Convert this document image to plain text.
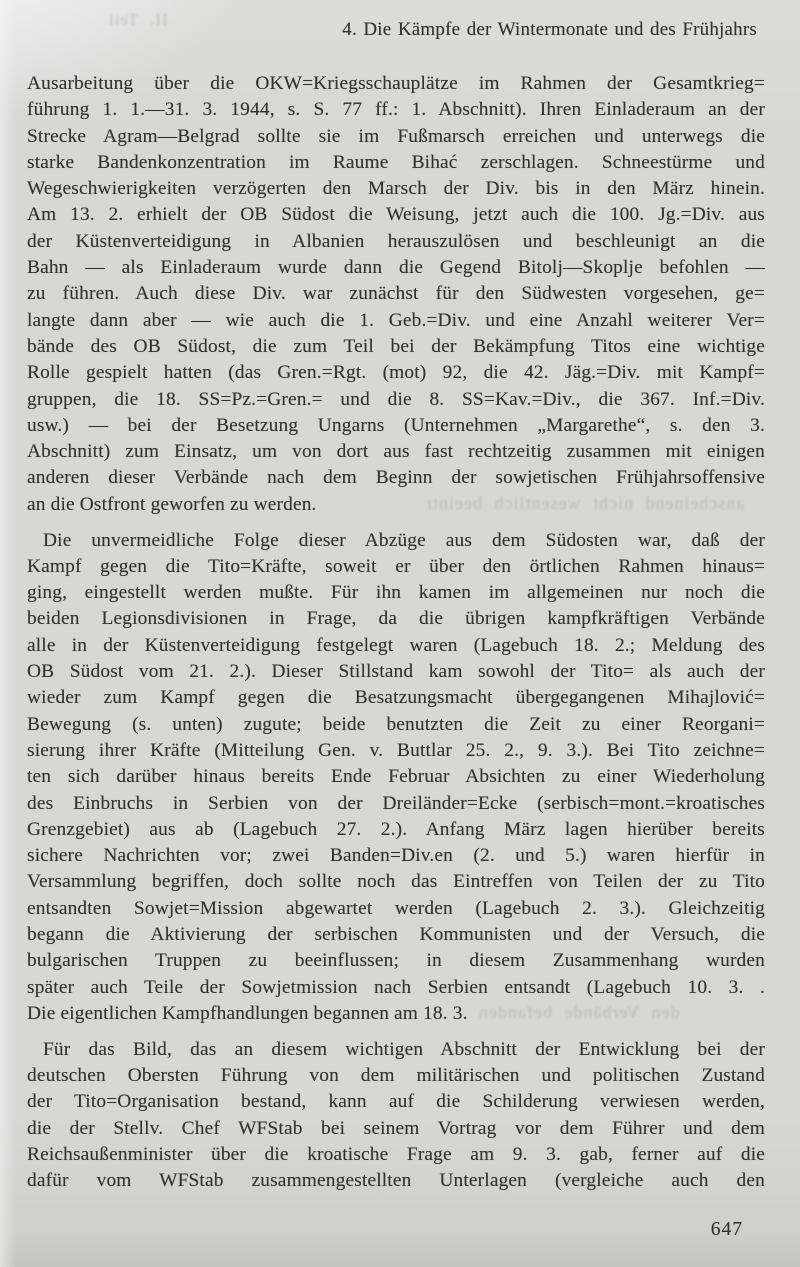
II. Teil
anscheinend nicht wesentlich beeintr
den Verbände befanden
4. Die Kämpfe der Wintermonate und des Frühjahrs
Ausarbeitung über die OKW=Kriegsschauplätze im Rahmen der Gesamtkrieg=
führung 1. 1.—31. 3. 1944, s. S. 77 ff.: 1. Abschnitt). Ihren Einladeraum an der
Strecke Agram—Belgrad sollte sie im Fußmarsch erreichen und unterwegs die
starke Bandenkonzentration im Raume Bihać zerschlagen. Schneestürme und
Wegeschwierigkeiten verzögerten den Marsch der Div. bis in den März hinein.
Am 13. 2. erhielt der OB Südost die Weisung, jetzt auch die 100. Jg.=Div. aus
der Küstenverteidigung in Albanien herauszulösen und beschleunigt an die
Bahn — als Einladeraum wurde dann die Gegend Bitolj—Skoplje befohlen —
zu führen. Auch diese Div. war zunächst für den Südwesten vorgesehen, ge=
langte dann aber — wie auch die 1. Geb.=Div. und eine Anzahl weiterer Ver=
bände des OB Südost, die zum Teil bei der Bekämpfung Titos eine wichtige
Rolle gespielt hatten (das Gren.=Rgt. (mot) 92, die 42. Jäg.=Div. mit Kampf=
gruppen, die 18. SS=Pz.=Gren.= und die 8. SS=Kav.=Div., die 367. Inf.=Div.
usw.) — bei der Besetzung Ungarns (Unternehmen „Margarethe“, s. den 3.
Abschnitt) zum Einsatz, um von dort aus fast rechtzeitig zusammen mit einigen
anderen dieser Verbände nach dem Beginn der sowjetischen Frühjahrsoffensive
an die Ostfront geworfen zu werden.
Die unvermeidliche Folge dieser Abzüge aus dem Südosten war, daß der
Kampf gegen die Tito=Kräfte, soweit er über den örtlichen Rahmen hinaus=
ging, eingestellt werden mußte. Für ihn kamen im allgemeinen nur noch die
beiden Legionsdivisionen in Frage, da die übrigen kampfkräftigen Verbände
alle in der Küstenverteidigung festgelegt waren (Lagebuch 18. 2.; Meldung des
OB Südost vom 21. 2.). Dieser Stillstand kam sowohl der Tito= als auch der
wieder zum Kampf gegen die Besatzungsmacht übergegangenen Mihajlović=
Bewegung (s. unten) zugute; beide benutzten die Zeit zu einer Reorgani=
sierung ihrer Kräfte (Mitteilung Gen. v. Buttlar 25. 2., 9. 3.). Bei Tito zeichne=
ten sich darüber hinaus bereits Ende Februar Absichten zu einer Wiederholung
des Einbruchs in Serbien von der Dreiländer=Ecke (serbisch=mont.=kroatisches
Grenzgebiet) aus ab (Lagebuch 27. 2.). Anfang März lagen hierüber bereits
sichere Nachrichten vor; zwei Banden=Div.en (2. und 5.) waren hierfür in
Versammlung begriffen, doch sollte noch das Eintreffen von Teilen der zu Tito
entsandten Sowjet=Mission abgewartet werden (Lagebuch 2. 3.). Gleichzeitig
begann die Aktivierung der serbischen Kommunisten und der Versuch, die
bulgarischen Truppen zu beeinflussen; in diesem Zusammenhang wurden
später auch Teile der Sowjetmission nach Serbien entsandt (Lagebuch 10. 3. .
Die eigentlichen Kampfhandlungen begannen am 18. 3.
Für das Bild, das an diesem wichtigen Abschnitt der Entwicklung bei der
deutschen Obersten Führung von dem militärischen und politischen Zustand
der Tito=Organisation bestand, kann auf die Schilderung verwiesen werden,
die der Stellv. Chef WFStab bei seinem Vortrag vor dem Führer und dem
Reichsaußenminister über die kroatische Frage am 9. 3. gab, ferner auf die
dafür vom WFStab zusammengestellten Unterlagen (vergleiche auch den
647
